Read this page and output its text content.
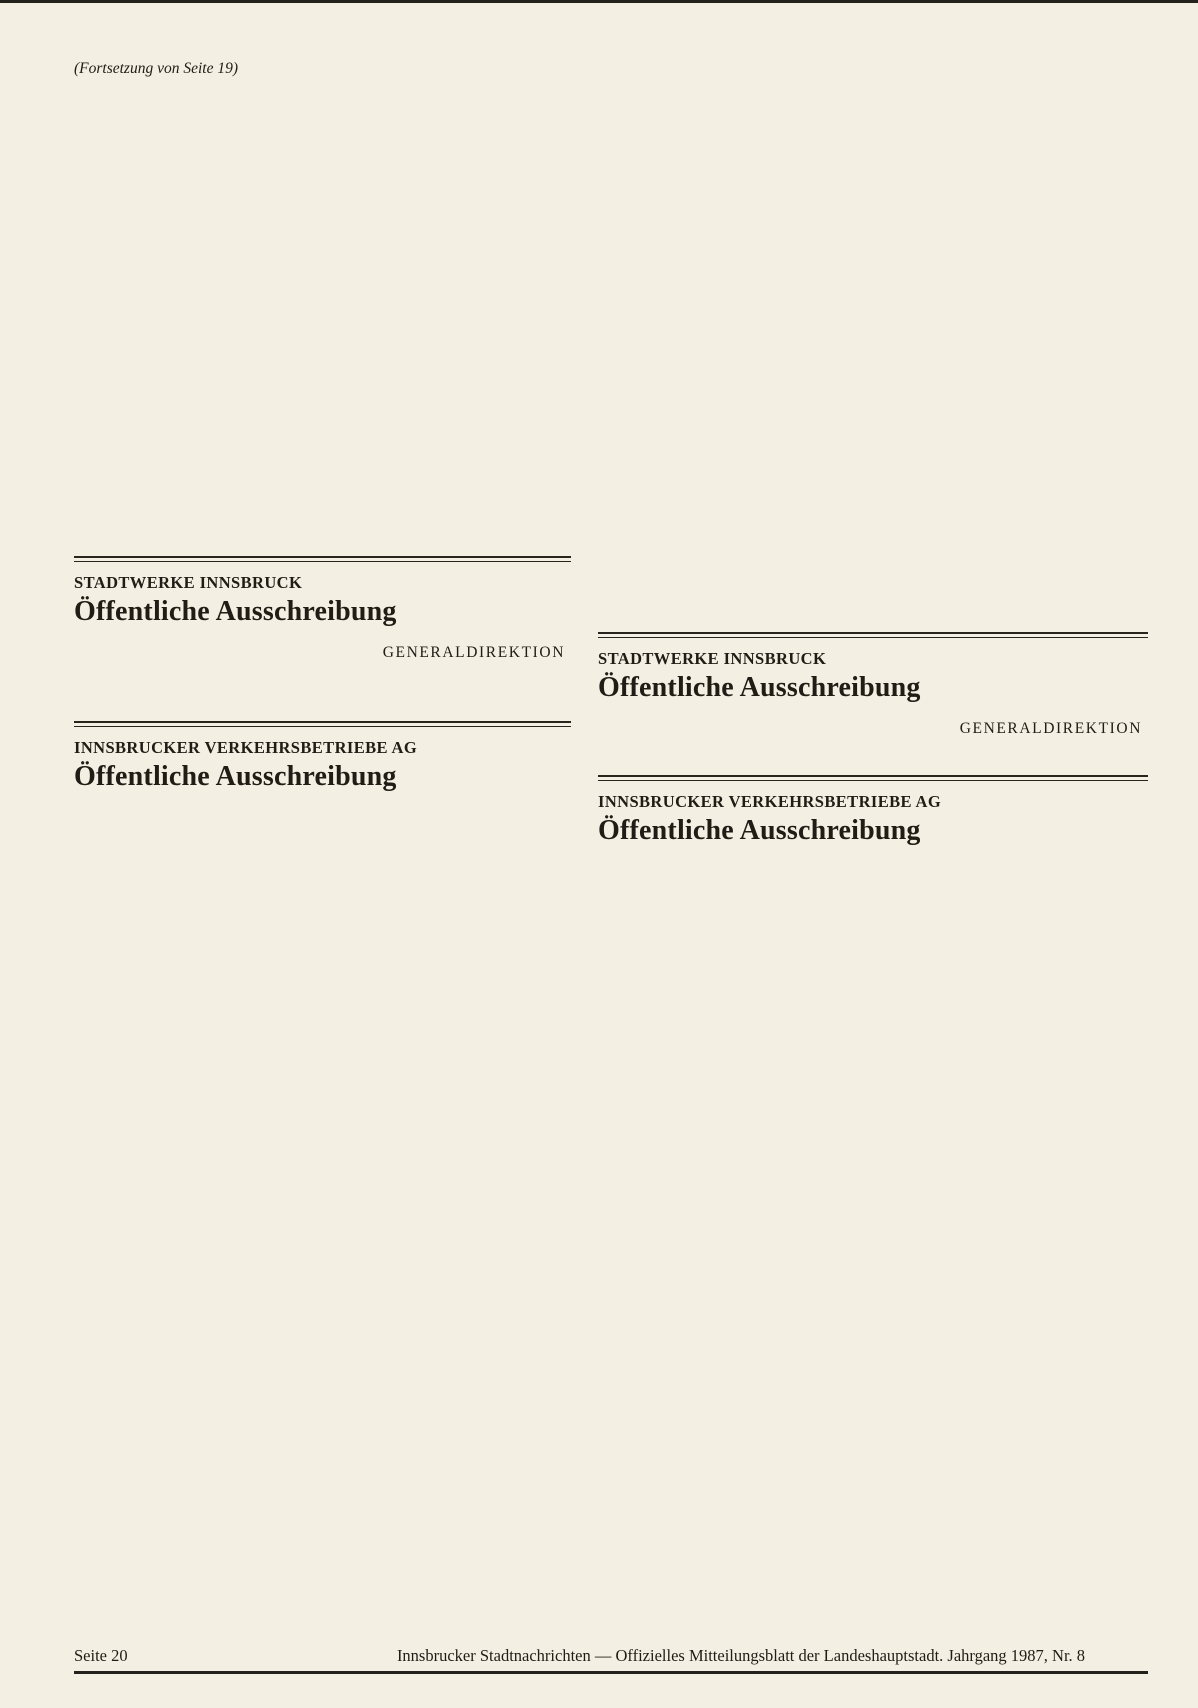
(Fortsetzung von Seite 19)
STADTWERKE INNSBRUCK
Öffentliche Ausschreibung
GENERALDIREKTION
INNSBRUCKER VERKEHRSBETRIEBE AG
Öffentliche Ausschreibung
STADTWERKE INNSBRUCK
Öffentliche Ausschreibung
GENERALDIREKTION
INNSBRUCKER VERKEHRSBETRIEBE AG
Öffentliche Ausschreibung
Seite 20	Innsbrucker Stadtnachrichten — Offizielles Mitteilungsblatt der Landeshauptstadt. Jahrgang 1987, Nr. 8
